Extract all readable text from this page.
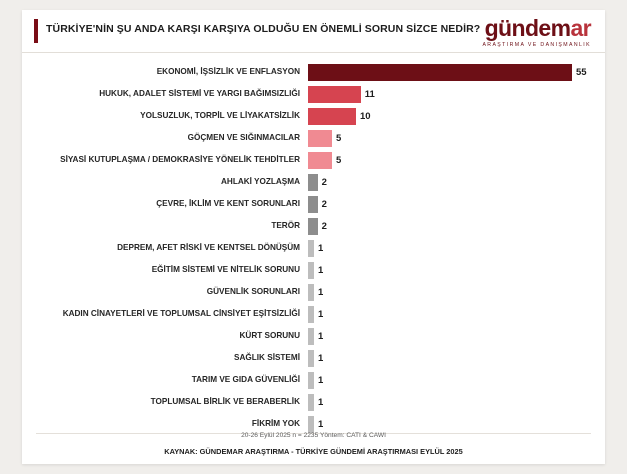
TÜRKİYE'NİN ŞU ANDA KARŞI KARŞIYA OLDUĞU EN ÖNEMLİ SORUN SİZCE NEDİR? gündemar
ARAŞTIRMA VE DANIŞMANLIK
EKONOMİ, İŞSİZLİK VE ENFLASYON	55
HUKUK, ADALET SİSTEMİ VE YARGI BAĞIMSIZLIĞI	11
YOLSUZLUK, TORPİL VE LİYAKATSİZLİK	10
GÖÇMEN VE SIĞINMACILAR	5
SİYASİ KUTUPLAŞMA / DEMOKRASİYE YÖNELİK TEHDİTLER	5
AHLAKİ YOZLAŞMA	2
ÇEVRE, İKLİM VE KENT SORUNLARI	2
TERÖR	2
DEPREM, AFET RİSKİ VE KENTSEL DÖNÜŞÜM	1
EĞİTİM SİSTEMİ VE NİTELİK SORUNU	1
GÜVENLİK SORUNLARI	1
KADIN CİNAYETLERİ VE TOPLUMSAL CİNSİYET EŞİTSİZLİĞİ	1
KÜRT SORUNU	1
SAĞLIK SİSTEMİ	1
TARIM VE GIDA GÜVENLİĞİ	1
TOPLUMSAL BİRLİK VE BERABERLİK	1
FİKRİM YOK	1
20-26 Eylül 2025 n = 2235 Yöntem: CATI & CAWI
KAYNAK: GÜNDEMAR ARAŞTIRMA - TÜRKİYE GÜNDEMİ ARAŞTIRMASI EYLÜL 2025
